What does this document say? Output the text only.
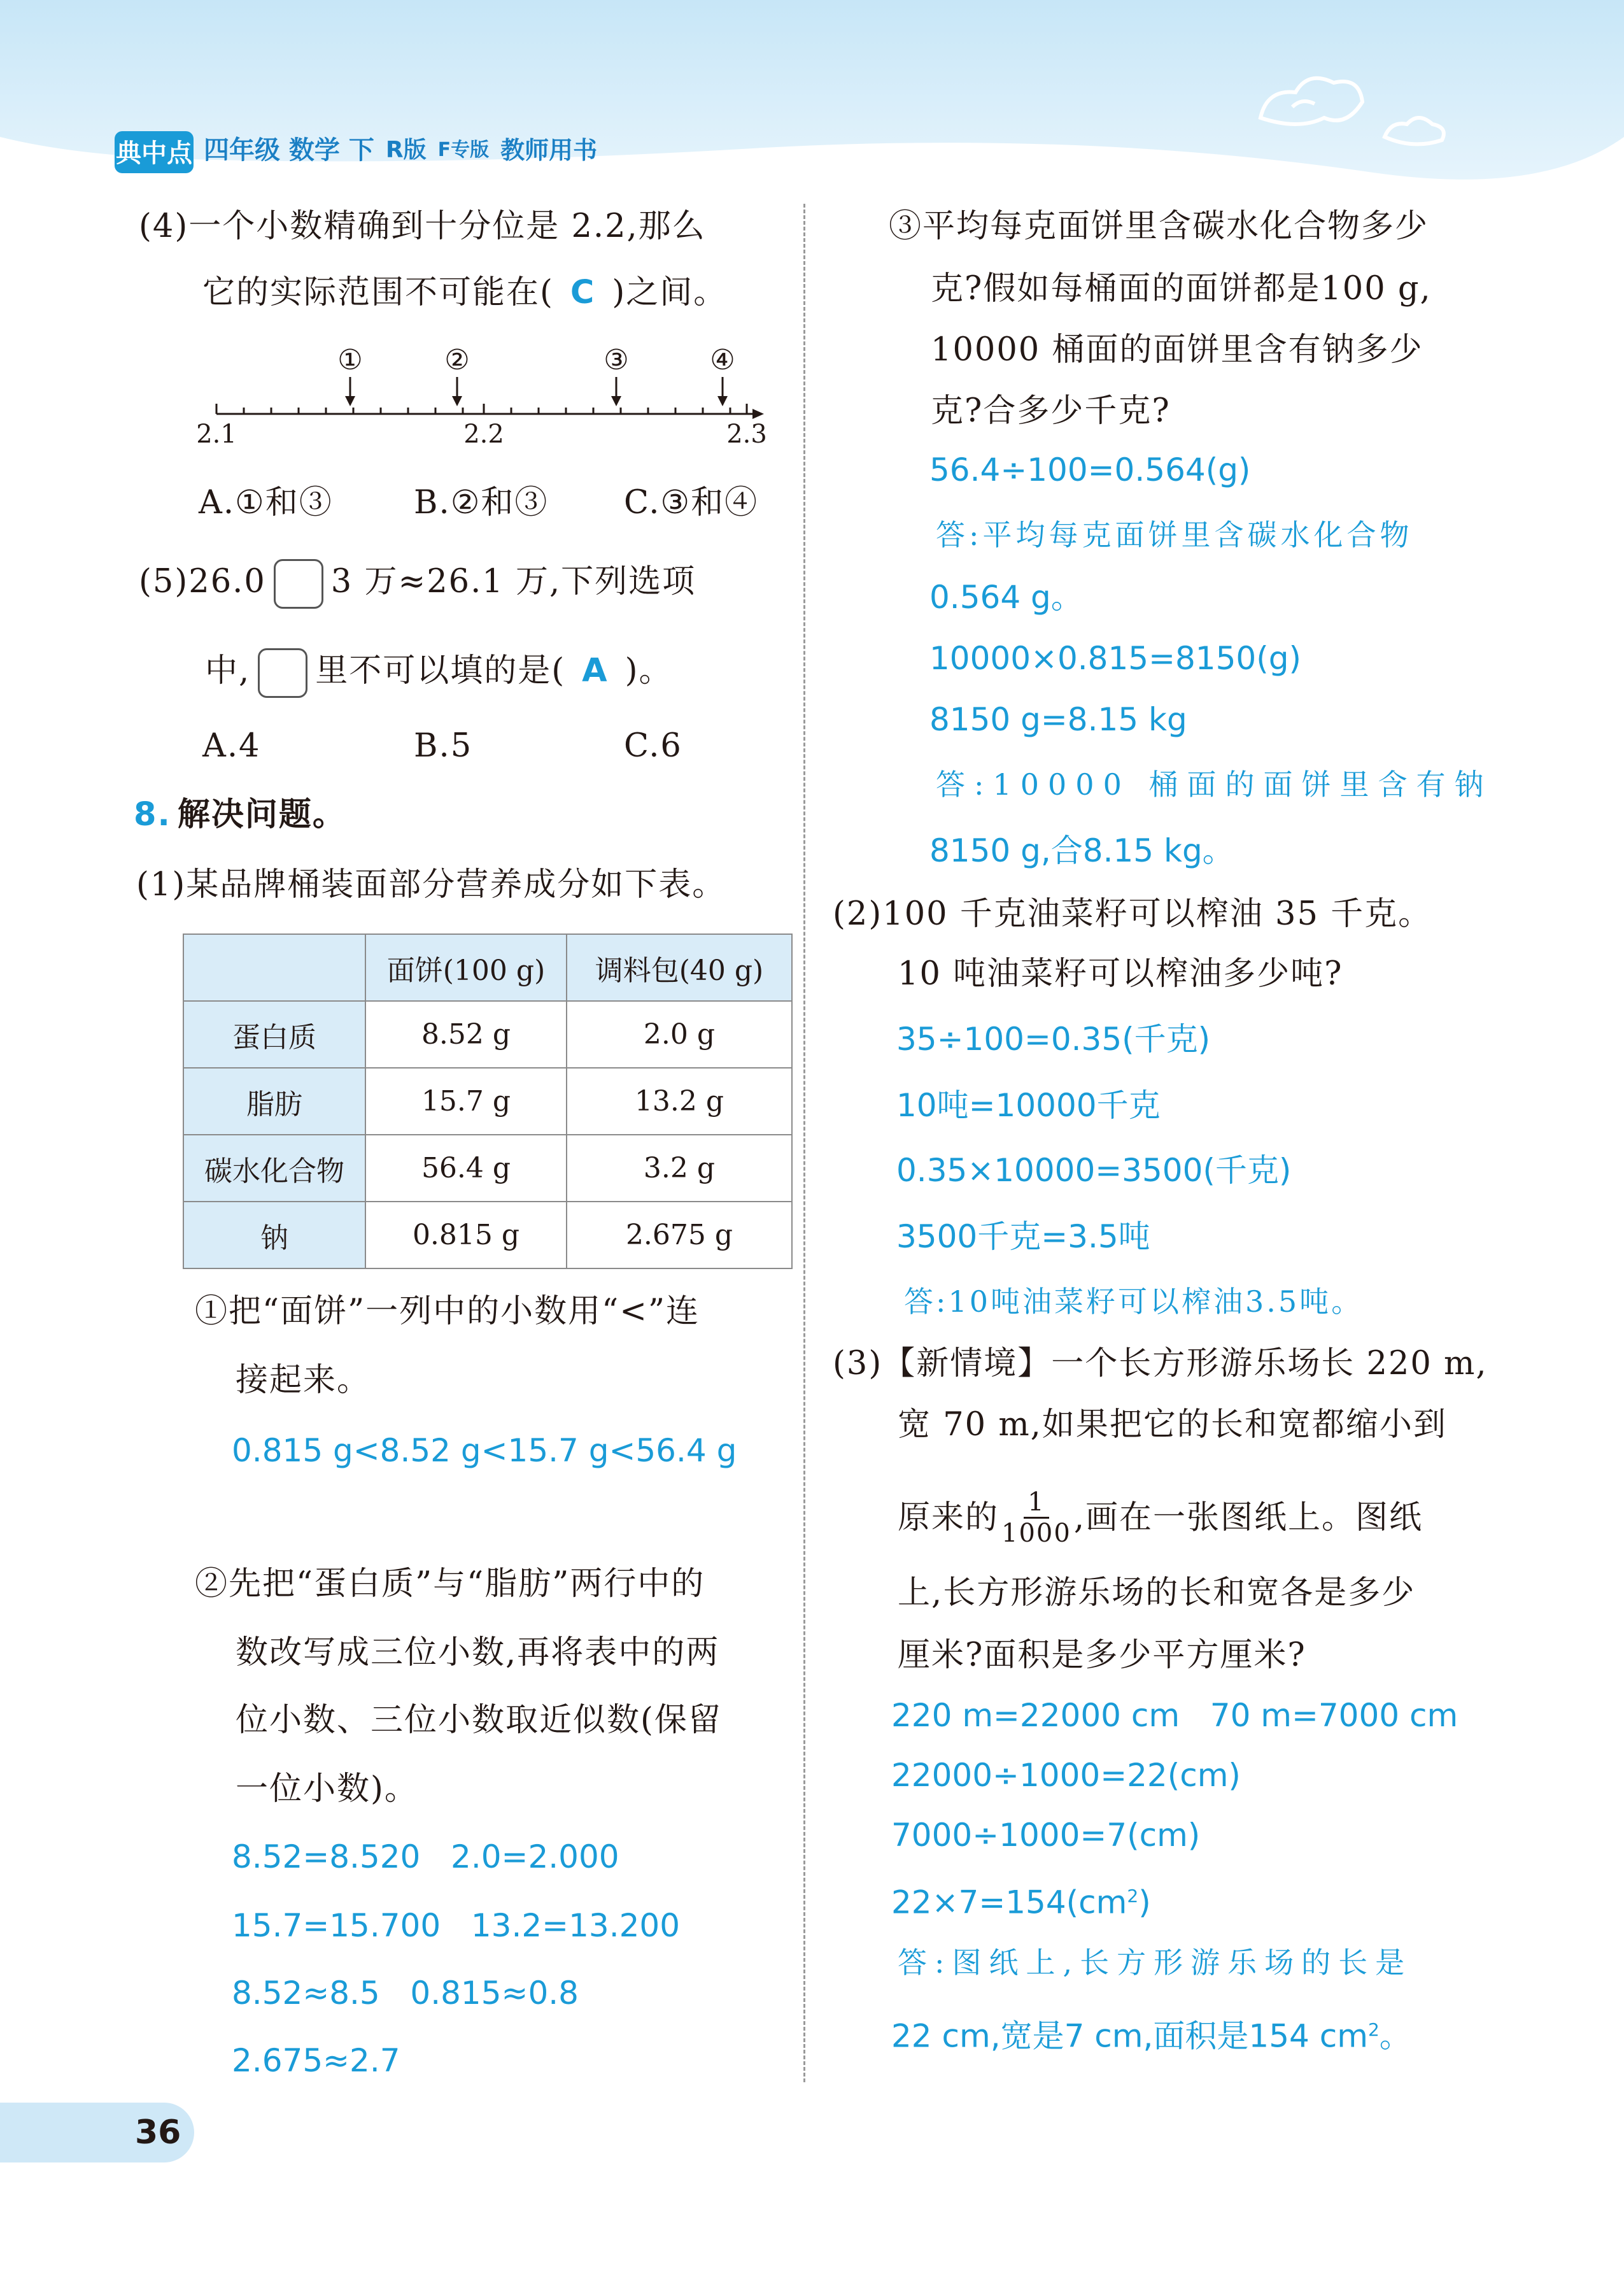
典中点 四年级 数学 下 R版 F专版 教师用书
(4)一个小数精确到十分位是 2.2,那么
它的实际范围不可能在( C )之间。
①	②	③	④
2.1	2.2	2.3
A.①和③ B.②和③ C.③和④
(5)26.0 3 万≈26.1 万,下列选项
中, 里不可以填的是( A )。
A.4	B.5	C.6
8. 解决问题。
(1)某品牌桶装面部分营养成分如下表。
	面饼(100 g)	调料包(40 g)
蛋白质	8.52 g	2.0 g
脂肪	15.7 g	13.2 g
碳水化合物	56.4 g	3.2 g
钠	0.815 g	2.675 g
①把“面饼”一列中的小数用“<”连
接起来。
0.815 g<8.52 g<15.7 g<56.4 g
②先把“蛋白质”与“脂肪”两行中的
数改写成三位小数,再将表中的两
位小数、三位小数取近似数(保留
一位小数)。
8.52=8.520   2.0=2.000
15.7=15.700   13.2=13.200
8.52≈8.5   0.815≈0.8
2.675≈2.7
③平均每克面饼里含碳水化合物多少
克?假如每桶面的面饼都是100 g,
10000 桶面的面饼里含有钠多少
克?合多少千克?
56.4÷100=0.564(g)
答:平均每克面饼里含碳水化合物
0.564 g。
10000×0.815=8150(g)
8150 g=8.15 kg
答:10000 桶面的面饼里含有钠
8150 g,合8.15 kg。
(2)100 千克油菜籽可以榨油 35 千克。
10 吨油菜籽可以榨油多少吨?
35÷100=0.35(千克)
10吨=10000千克
0.35×10000=3500(千克)
3500千克=3.5吨
答:10吨油菜籽可以榨油3.5吨。
(3)【新情境】一个长方形游乐场长 220 m,
宽 70 m,如果把它的长和宽都缩小到
原来的 $\frac{1}{1000}$ ,画在一张图纸上。图纸
上,长方形游乐场的长和宽各是多少
厘米?面积是多少平方厘米?
220 m=22000 cm   70 m=7000 cm
22000÷1000=22(cm)
7000÷1000=7(cm)
$22\times 7=154(cm^2)$
答:图纸上,长方形游乐场的长是
22 cm,宽是7 cm,面积是154 $cm^2$。
36
